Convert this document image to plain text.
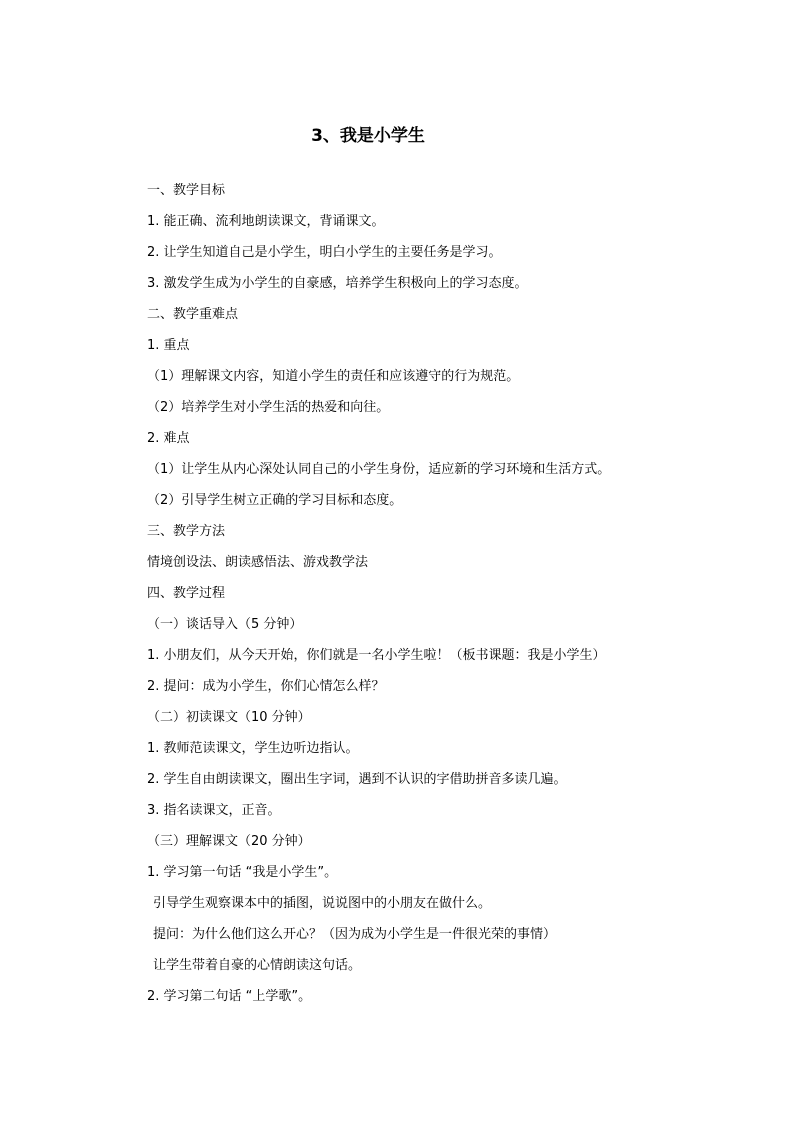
3、我是小学生
一、教学目标
1. 能正确、流利地朗读课文，背诵课文。
2. 让学生知道自己是小学生，明白小学生的主要任务是学习。
3. 激发学生成为小学生的自豪感，培养学生积极向上的学习态度。
二、教学重难点
1. 重点
（1）理解课文内容，知道小学生的责任和应该遵守的行为规范。
（2）培养学生对小学生活的热爱和向往。
2. 难点
（1）让学生从内心深处认同自己的小学生身份，适应新的学习环境和生活方式。
（2）引导学生树立正确的学习目标和态度。
三、教学方法
情境创设法、朗读感悟法、游戏教学法
四、教学过程
（一）谈话导入（5 分钟）
1. 小朋友们，从今天开始，你们就是一名小学生啦！（板书课题：我是小学生）
2. 提问：成为小学生，你们心情怎么样？
（二）初读课文（10 分钟）
1. 教师范读课文，学生边听边指认。
2. 学生自由朗读课文，圈出生字词，遇到不认识的字借助拼音多读几遍。
3. 指名读课文，正音。
（三）理解课文（20 分钟）
1. 学习第一句话 “我是小学生”。
引导学生观察课本中的插图，说说图中的小朋友在做什么。
提问：为什么他们这么开心？（因为成为小学生是一件很光荣的事情）
让学生带着自豪的心情朗读这句话。
2. 学习第二句话 “上学歌”。
